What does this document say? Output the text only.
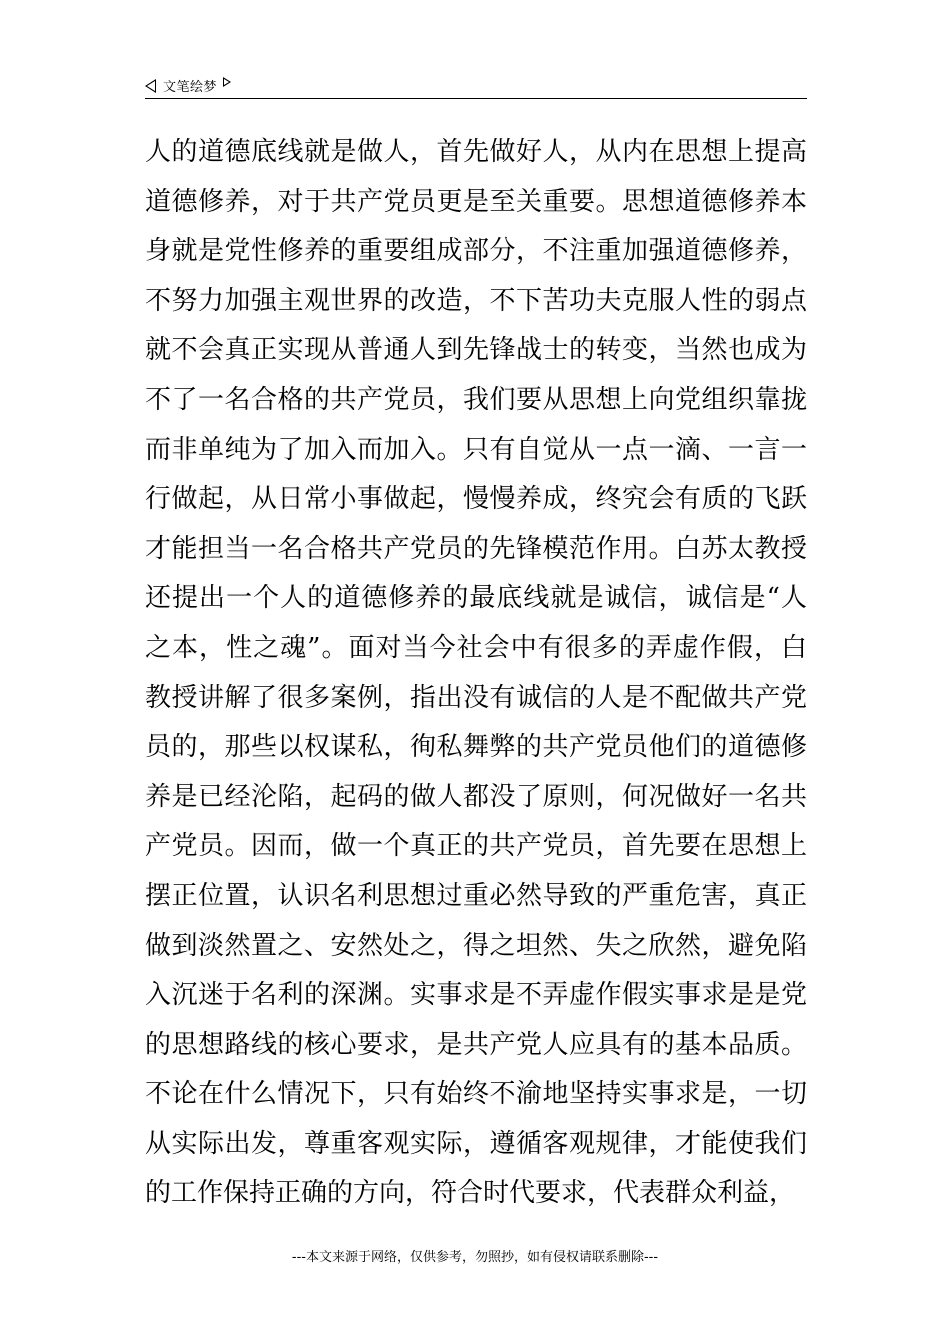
文笔绘梦
人的道德底线就是做人，首先做好人，从内在思想上提高
道德修养，对于共产党员更是至关重要。思想道德修养本
身就是党性修养的重要组成部分，不注重加强道德修养，
不努力加强主观世界的改造，不下苦功夫克服人性的弱点
就不会真正实现从普通人到先锋战士的转变，当然也成为
不了一名合格的共产党员，我们要从思想上向党组织靠拢
而非单纯为了加入而加入。只有自觉从一点一滴、一言一
行做起，从日常小事做起，慢慢养成，终究会有质的飞跃
才能担当一名合格共产党员的先锋模范作用。白苏太教授
还提出一个人的道德修养的最底线就是诚信，诚信是“人
之本，性之魂”。面对当今社会中有很多的弄虚作假，白
教授讲解了很多案例，指出没有诚信的人是不配做共产党
员的，那些以权谋私，徇私舞弊的共产党员他们的道德修
养是已经沦陷，起码的做人都没了原则，何况做好一名共
产党员。因而，做一个真正的共产党员，首先要在思想上
摆正位置，认识名利思想过重必然导致的严重危害，真正
做到淡然置之、安然处之，得之坦然、失之欣然，避免陷
入沉迷于名利的深渊。实事求是不弄虚作假实事求是是党
的思想路线的核心要求，是共产党人应具有的基本品质。
不论在什么情况下，只有始终不渝地坚持实事求是，一切
从实际出发，尊重客观实际，遵循客观规律，才能使我们
的工作保持正确的方向，符合时代要求，代表群众利益，
---本文来源于网络，仅供参考，勿照抄，如有侵权请联系删除---
